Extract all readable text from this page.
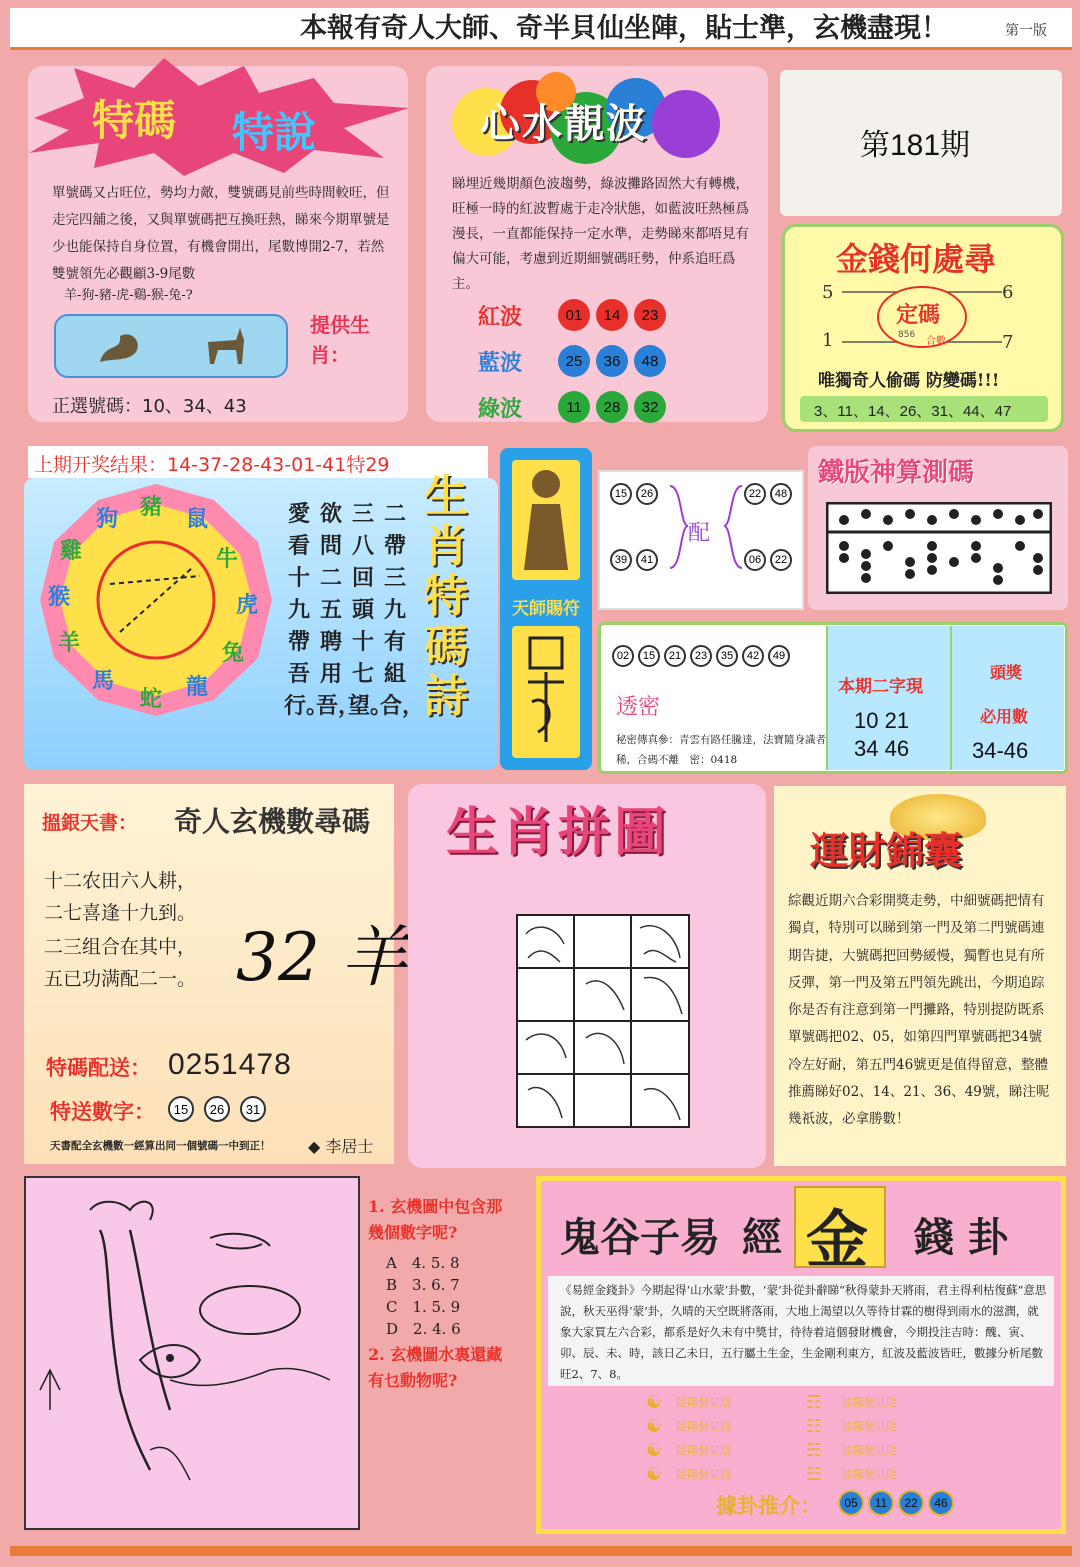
本報有奇人大師、奇半貝仙坐陣，貼士準，玄機盡現！	第一版
特碼 特說
單號碼又占旺位，勢均力敵，雙號碼見前些時間較旺，但走完四舖之後，又與單號碼把互換旺熱，睇來今期單號是少也能保持自身位置，有機會開出，尾數博開2-7，若然雙號領先必觀顧3-9尾數
羊-狗-豬-虎-鷄-猴-兔-?
提供生肖：
正選號碼：10、34、43
心水靚波
睇埋近幾期顏色波趨勢，綠波攤路固然大有轉機，旺極一時的紅波暫處于走冷狀態，如藍波旺熱極爲漫長，一直都能保持一定水準，走勢睇來都唔見有偏大可能，考慮到近期細號碼旺勢，仲系追旺爲主。
紅波	01	14	23
藍波	25	36	48
綠波	11	28	32
第181期
金錢何處尋
5	6
1	7
定碼
856
合數
唯獨奇人偷碼 防變碼!!!
3、11、14、26、31、44、47
上期开奖结果：14-37-28-43-01-41特29
鼠
牛
虎
兔
龍
蛇
馬
羊
猴
雞
狗 豬	二帶三九有組合，
三八回頭十七望。
欲問二五聘用吾，
愛看十九帶吾行。
生肖特碼詩
天師賜符
15 26
39 41
配
22 48
06 22
鐵版神算測碼
02 15 21 23 35 42 49
透密
秘密傳真參：青雲有路任騰達，法寶隨身識者稀，合碼不離　密：0418
本期二字現
10 21
34 46
頭獎
必用數
34-46
搵銀天書： 奇人玄機數尋碼
十二农田六人耕，
二七喜逢十九到。
二三组合在其中，
五已功满配二一。 32 羊
特碼配送： 0251478
特送數字：	15 26 31
天書配全玄機數一經算出同一個號碼一中到正！ ◆ 李居士
生肖拼圖	運財錦囊
綜觀近期六合彩開獎走勢，中細號碼把情有獨貞，特別可以睇到第一門及第二門號碼連期告捷，大號碼把回勢緩慢，獨暫也見有所反彈，第一門及第五門領先跳出，今期追踪你是否有注意到第一門攤路，特別提防既系單號碼把02、05，如第四門單號碼把34號冷左好耐，第五門46號更是值得留意，整體推薦睇好02、14、21、36、49號，睇注呢幾祇波，必拿勝數！
1. 玄機圖中包含那幾個數字呢?
A　4. 5. 8
B　3. 6. 7
C　1. 5. 9
D　2. 4. 6
2. 玄機圖水裏還藏有乜動物呢?
鬼谷子易 經 金 錢卦
《易經金錢卦》今期起得‘山水蒙’卦數，‘蒙’卦從卦辭睇“秋得蒙卦天將雨，君主得利枯復蘇”意思說，秋天巫得‘蒙’卦，久晴的天空既將落雨，大地上渴望以久等待甘霖的樹得到雨水的滋潤，就象大家買左六合彩，都系是好久未有中獎甘，待待着這個發財機會，今期投注吉時：醜、寅、卯、辰、未、時，該日乙未日，五行屬土生金，生金剛利東方，紅波及藍波皆旺，數據分析尾數旺2、7、8。
☯ 陰陽倒見陰
☯ 陰陽倒見陰
☯ 陰陽倒見陰
☯ 陰陽倒見陰
☶ 陰陽倒見陰
☷ 陰陽倒見陰
☵ 陰陽倒見陰
☳ 陰陽倒見陰
據卦推介：	05 11 22 46
